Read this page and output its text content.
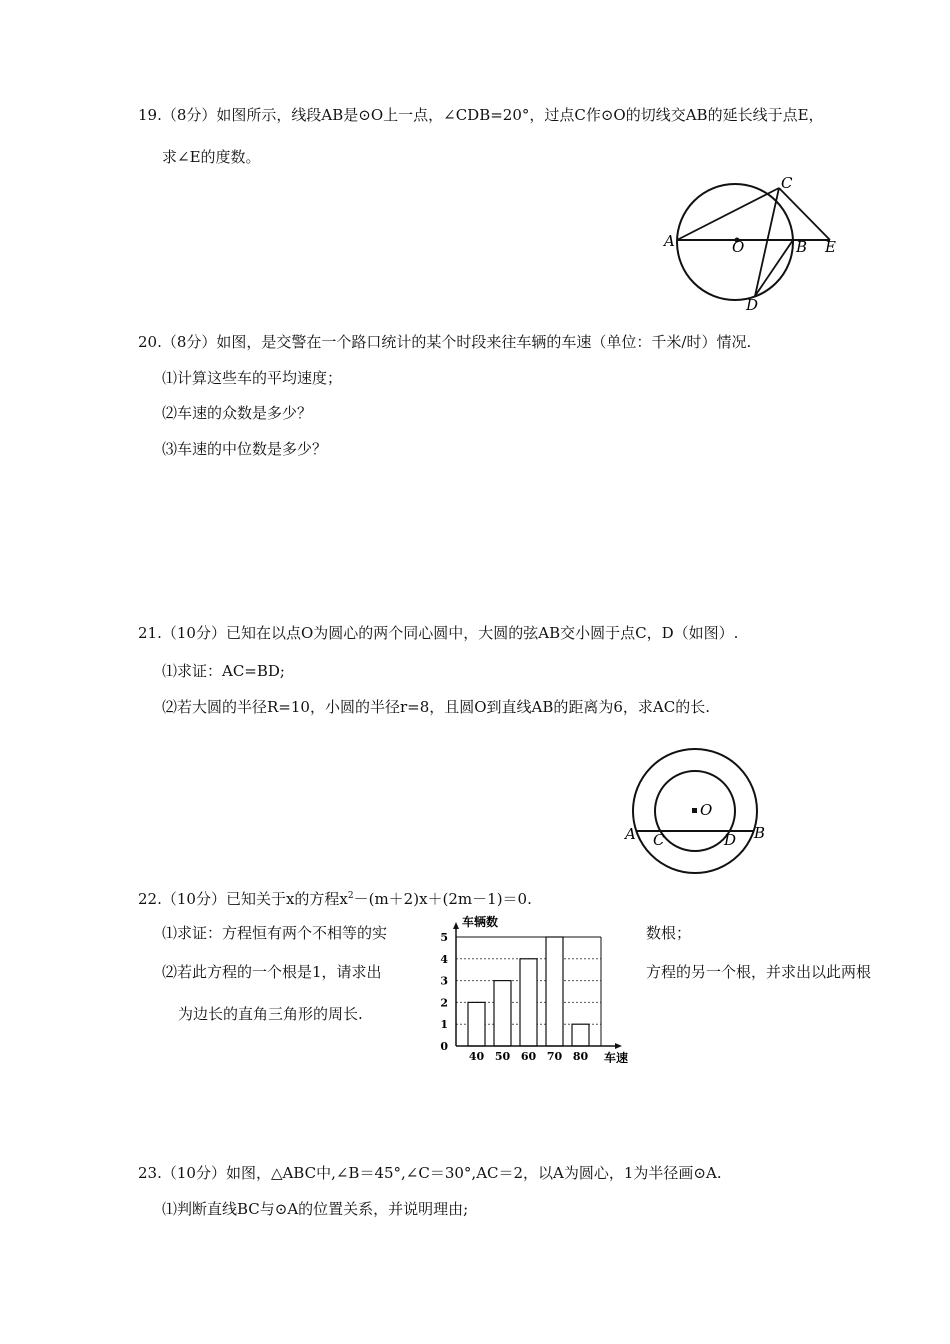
19.（8分）如图所示，线段AB是⊙O上一点，∠CDB=20°，过点C作⊙O的切线交AB的延长线于点E，
求∠E的度数。
A	O	B E
C
D
20.（8分）如图，是交警在一个路口统计的某个时段来往车辆的车速（单位：千米/时）情况.
⑴计算这些车的平均速度；
⑵车速的众数是多少？
⑶车速的中位数是多少？
21.（10分）已知在以点O为圆心的两个同心圆中，大圆的弦AB交小圆于点C，D（如图）.
⑴求证：AC=BD;
⑵若大圆的半径R=10，小圆的半径r=8，且圆O到直线AB的距离为6，求AC的长.
O
A C	D B
22.（10分）已知关于x的方程$x^2-(m+2)x+(2m-1)=0$.
⑴求证：方程恒有两个不相等的实	数根；
⑵若此方程的一个根是1，请求出	方程的另一个根，并求出以此两根
为边长的直角三角形的周长.
0
1
2
3
4
5
40 50 60 70 80
车辆数
车速
23.（10分）如图，△ABC中,∠B＝45°,∠C＝30°,AC＝2，以A为圆心，1为半径画⊙A.
⑴判断直线BC与⊙A的位置关系，并说明理由;
